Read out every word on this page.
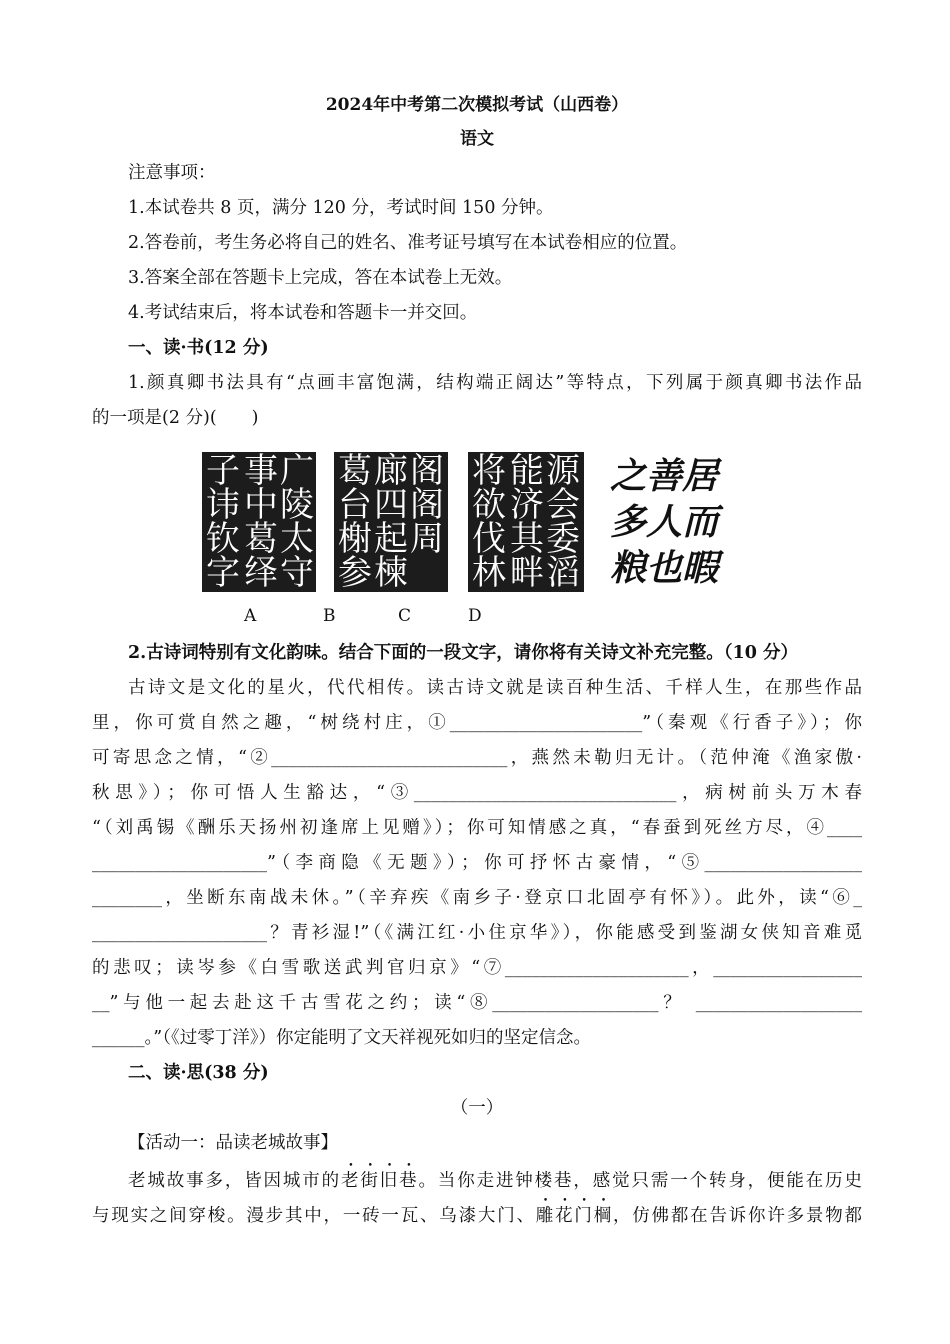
2024年中考第二次模拟考试（山西卷）
语文
注意事项：
1.本试卷共 8 页，满分 120 分，考试时间 150 分钟。
2.答卷前，考生务必将自己的姓名、准考证号填写在本试卷相应的位置。
3.答案全部在答题卡上完成，答在本试卷上无效。
4.考试结束后，将本试卷和答题卡一并交回。
一、读·书(12 分)
1.颜真卿书法具有“点画丰富饱满，结构端正阔达”等特点，下列属于颜真卿书法作品
的一项是(2 分)(　　)
广
事
陵
中
太
葛
守
绎
子
讳
钦
字
阁
廊
葛
阁
四
台
周
起
榭
楝
参
源
能
将
会
济
欲
委
其
伐
滔
畔
林
居
之 善
而
人
多
暇
也
粮
A	B	C	D
2.古诗词特别有文化韵味。结合下面的一段文字，请你将有关诗文补充完整。（10 分）
古诗文是文化的星火，代代相传。读古诗文就是读百种生活、千样人生，在那些作品
里，你可赏自然之趣，“树绕村庄，①______________________”（秦观《行香子》）；你
可寄思念之情，“②___________________________，燕然未勒归无计。（范仲淹《渔家傲·
秋思》）；你可悟人生豁达，“③______________________________，病树前头万木春
“（刘禹锡《酬乐天扬州初逢席上见赠》）；你可知情感之真，“春蚕到死丝方尽，④____
____________________”（李商隐《无题》）；你可抒怀古豪情，“⑤__________________
________，坐断东南战未休。”（辛弃疾《南乡子·登京口北固亭有怀》）。此外，读“⑥_
____________________？青衫湿!”（《满江红·小住京华》），你能感受到鉴湖女侠知音难觅
的悲叹；读岑参《白雪歌送武判官归京》“⑦_____________________，_________________
__”与他一起去赴这千古雪花之约；读“⑧___________________？ ___________________
______。”（《过零丁洋》）你定能明了文天祥视死如归的坚定信念。
二、读·思(38 分)
（一）
【活动一：品读老城故事】
老城故事多，皆因城市的老街旧巷。当你走进钟楼巷，感觉只需一个转身，便能在历史
与现实之间穿梭。漫步其中，一砖一瓦、乌漆大门、雕花门棡，仿佛都在告诉你许多景物都
